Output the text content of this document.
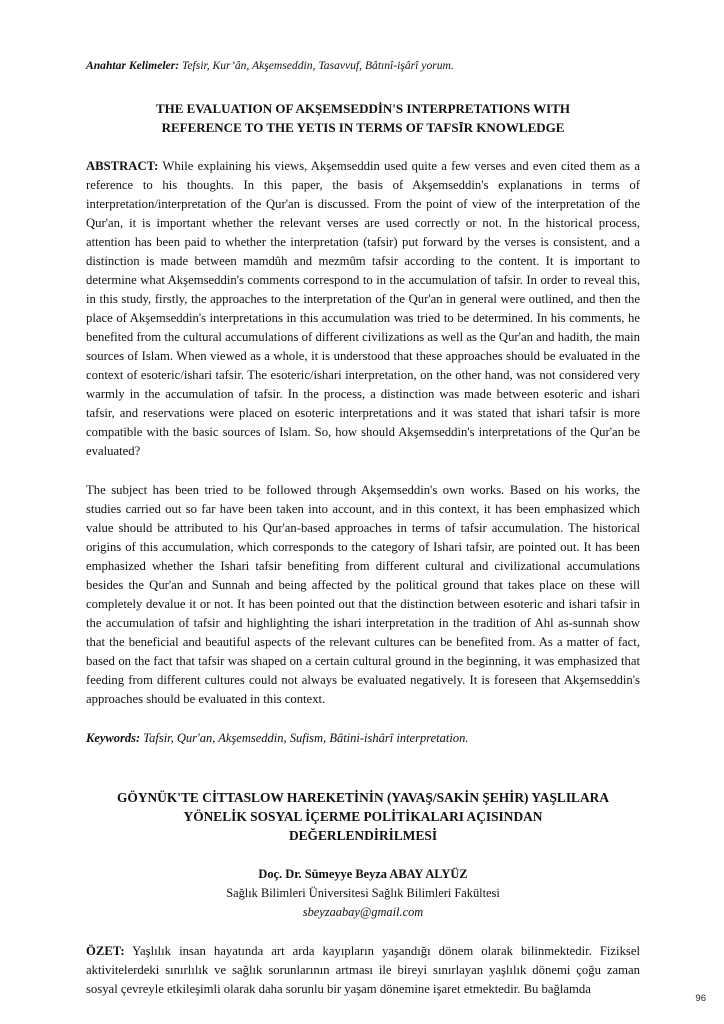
Anahtar Kelimeler: Tefsir, Kur’ân, Akşemseddin, Tasavvuf, Bâtınî-işârî yorum.

THE EVALUATION OF AKŞEMSEDDİN'S INTERPRETATIONS WITH
REFERENCE TO THE YETIS IN TERMS OF TAFSĪR KNOWLEDGE

ABSTRACT: While explaining his views, Akşemseddin used quite a few verses and even cited them as a reference to his thoughts. In this paper, the basis of Akşemseddin's explanations in terms of interpretation/interpretation of the Qur'an is discussed. From the point of view of the interpretation of the Qur'an, it is important whether the relevant verses are used correctly or not. In the historical process, attention has been paid to whether the interpretation (tafsir) put forward by the verses is consistent, and a distinction is made between mamdûh and mezmûm tafsir according to the content. It is important to determine what Akşemseddin's comments correspond to in the accumulation of tafsir. In order to reveal this, in this study, firstly, the approaches to the interpretation of the Qur'an in general were outlined, and then the place of Akşemseddin's interpretations in this accumulation was tried to be determined. In his comments, he benefited from the cultural accumulations of different civilizations as well as the Qur'an and hadith, the main sources of Islam. When viewed as a whole, it is understood that these approaches should be evaluated in the context of esoteric/ishari tafsir. The esoteric/ishari interpretation, on the other hand, was not considered very warmly in the accumulation of tafsir. In the process, a distinction was made between esoteric and ishari tafsir, and reservations were placed on esoteric interpretations and it was stated that ishari tafsir is more compatible with the basic sources of Islam. So, how should Akşemseddin's interpretations of the Qur'an be evaluated?

The subject has been tried to be followed through Akşemseddin's own works. Based on his works, the studies carried out so far have been taken into account, and in this context, it has been emphasized which value should be attributed to his Qur'an-based approaches in terms of tafsir accumulation. The historical origins of this accumulation, which corresponds to the category of Ishari tafsir, are pointed out. It has been emphasized whether the Ishari tafsir benefiting from different cultural and civilizational accumulations besides the Qur'an and Sunnah and being affected by the political ground that takes place on these will completely devalue it or not. It has been pointed out that the distinction between esoteric and ishari tafsir in the accumulation of tafsir and highlighting the ishari interpretation in the tradition of Ahl as-sunnah show that the beneficial and beautiful aspects of the relevant cultures can be benefited from. As a matter of fact, based on the fact that tafsir was shaped on a certain cultural ground in the beginning, it was emphasized that feeding from different cultures could not always be evaluated negatively. It is foreseen that Akşemseddin's approaches should be evaluated in this context.

Keywords: Tafsir, Qur'an, Akşemseddin, Sufism, Bâtini-ishârî interpretation.

GÖYNÜK'TE CİTTASLOW HAREKETİNİN (YAVAŞ/SAKİN ŞEHİR) YAŞLILARA
YÖNELİK SOSYAL İÇERME POLİTİKALARI AÇISINDAN
DEĞERLENDİRİLMESİ

Doç. Dr. Sümeyye Beyza ABAY ALYÜZ

Sağlık Bilimleri Üniversitesi Sağlık Bilimleri Fakültesi

sbeyzaabay@gmail.com

ÖZET: Yaşlılık insan hayatında art arda kayıpların yaşandığı dönem olarak bilinmektedir. Fiziksel aktivitelerdeki sınırlılık ve sağlık sorunlarının artması ile bireyi sınırlayan yaşlılık dönemi çoğu zaman sosyal çevreyle etkileşimli olarak daha sorunlu bir yaşam dönemine işaret etmektedir. Bu bağlamda

96
